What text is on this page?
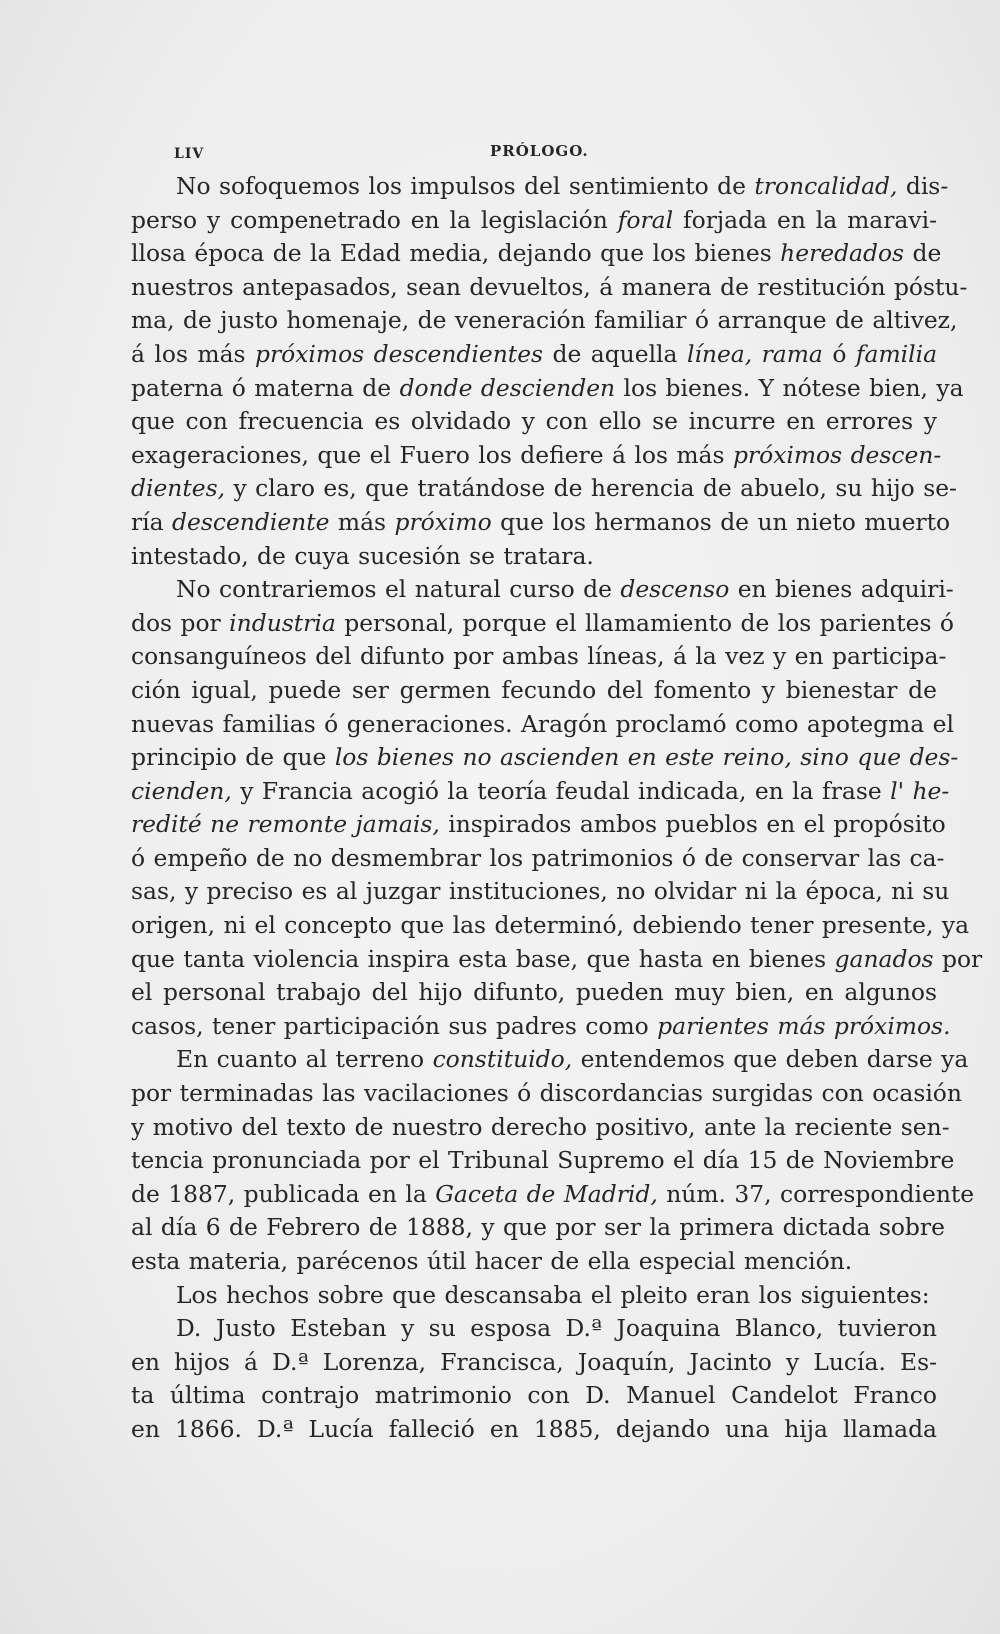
LIV	PRÓLOGO.
No sofoquemos los impulsos del sentimiento de troncalidad, dis-
perso y compenetrado en la legislación foral forjada en la maravi-
llosa época de la Edad media, dejando que los bienes heredados de
nuestros antepasados, sean devueltos, á manera de restitución póstu-
ma, de justo homenaje, de veneración familiar ó arranque de altivez,
á los más próximos descendientes de aquella línea, rama ó familia
paterna ó materna de donde descienden los bienes. Y nótese bien, ya
que con frecuencia es olvidado y con ello se incurre en errores y
exageraciones, que el Fuero los defiere á los más próximos descen-
dientes, y claro es, que tratándose de herencia de abuelo, su hijo se-
ría descendiente más próximo que los hermanos de un nieto muerto
intestado, de cuya sucesión se tratara.
No contrariemos el natural curso de descenso en bienes adquiri-
dos por industria personal, porque el llamamiento de los parientes ó
consanguíneos del difunto por ambas líneas, á la vez y en participa-
ción igual, puede ser germen fecundo del fomento y bienestar de
nuevas familias ó generaciones. Aragón proclamó como apotegma el
principio de que los bienes no ascienden en este reino, sino que des-
cienden, y Francia acogió la teoría feudal indicada, en la frase l' he-
redité ne remonte jamais, inspirados ambos pueblos en el propósito
ó empeño de no desmembrar los patrimonios ó de conservar las ca-
sas, y preciso es al juzgar instituciones, no olvidar ni la época, ni su
origen, ni el concepto que las determinó, debiendo tener presente, ya
que tanta violencia inspira esta base, que hasta en bienes ganados por
el personal trabajo del hijo difunto, pueden muy bien, en algunos
casos, tener participación sus padres como parientes más próximos.
En cuanto al terreno constituido, entendemos que deben darse ya
por terminadas las vacilaciones ó discordancias surgidas con ocasión
y motivo del texto de nuestro derecho positivo, ante la reciente sen-
tencia pronunciada por el Tribunal Supremo el día 15 de Noviembre
de 1887, publicada en la Gaceta de Madrid, núm. 37, correspondiente
al día 6 de Febrero de 1888, y que por ser la primera dictada sobre
esta materia, parécenos útil hacer de ella especial mención.
Los hechos sobre que descansaba el pleito eran los siguientes:
D. Justo Esteban y su esposa D.ª Joaquina Blanco, tuvieron
en hijos á D.ª Lorenza, Francisca, Joaquín, Jacinto y Lucía. Es-
ta última contrajo matrimonio con D. Manuel Candelot Franco
en 1866. D.ª Lucía falleció en 1885, dejando una hija llamada
